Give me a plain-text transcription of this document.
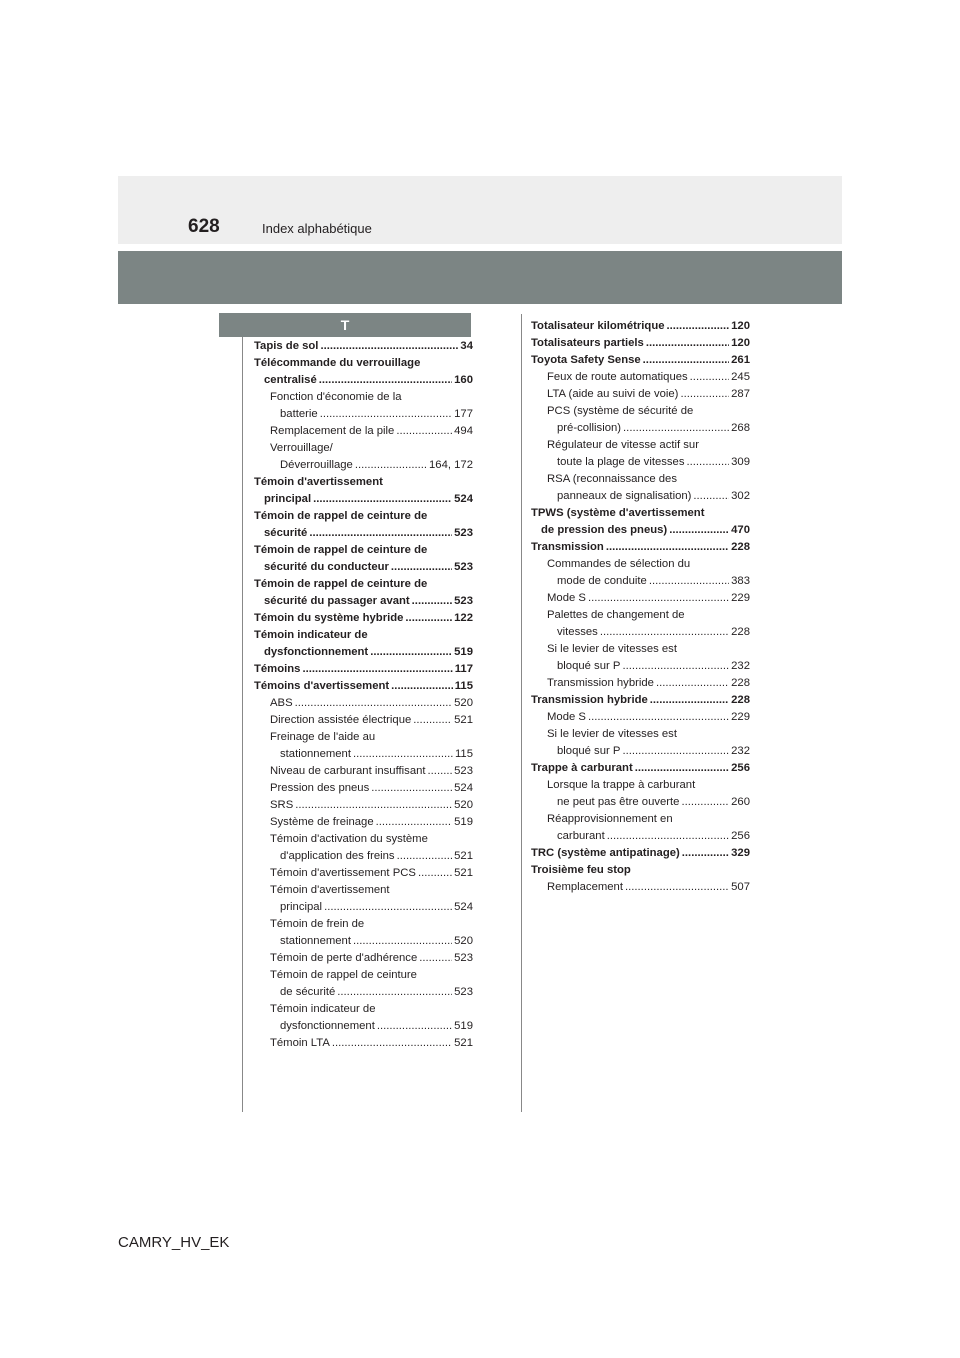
628	Index alphabétique
T
Tapis de sol .....	34
Télécommande du verrouillage
centralisé .....	160
Fonction d'économie de la
batterie .....	177
Remplacement de la pile .....	494
Verrouillage/
Déverrouillage .....	164, 172
Témoin d'avertissement
principal .....	524
Témoin de rappel de ceinture de
sécurité .....	523
Témoin de rappel de ceinture de
sécurité du conducteur .....	523
Témoin de rappel de ceinture de
sécurité du passager avant .....	523
Témoin du système hybride .....	122
Témoin indicateur de
dysfonctionnement .....	519
Témoins .....	117
Témoins d'avertissement .....	115
ABS .....	520
Direction assistée électrique .....	521
Freinage de l'aide au
stationnement .....	115
Niveau de carburant insuffisant .....	523
Pression des pneus .....	524
SRS .....	520
Système de freinage .....	519
Témoin d'activation du système
d'application des freins .....	521
Témoin d'avertissement PCS .....	521
Témoin d'avertissement
principal .....	524
Témoin de frein de
stationnement .....	520
Témoin de perte d'adhérence .....	523
Témoin de rappel de ceinture
de sécurité .....	523
Témoin indicateur de
dysfonctionnement .....	519
Témoin LTA .....	521
Totalisateur kilométrique .....	120
Totalisateurs partiels .....	120
Toyota Safety Sense .....	261
Feux de route automatiques .....	245
LTA (aide au suivi de voie) .....	287
PCS (système de sécurité de
pré-collision) .....	268
Régulateur de vitesse actif sur
toute la plage de vitesses .....	309
RSA (reconnaissance des
panneaux de signalisation) .....	302
TPWS (système d'avertissement
de pression des pneus) .....	470
Transmission .....	228
Commandes de sélection du
mode de conduite .....	383
Mode S .....	229
Palettes de changement de
vitesses .....	228
Si le levier de vitesses est
bloqué sur P .....	232
Transmission hybride .....	228
Transmission hybride .....	228
Mode S .....	229
Si le levier de vitesses est
bloqué sur P .....	232
Trappe à carburant .....	256
Lorsque la trappe à carburant
ne peut pas être ouverte .....	260
Réapprovisionnement en
carburant .....	256
TRC (système antipatinage) .....	329
Troisième feu stop
Remplacement .....	507
CAMRY_HV_EK
